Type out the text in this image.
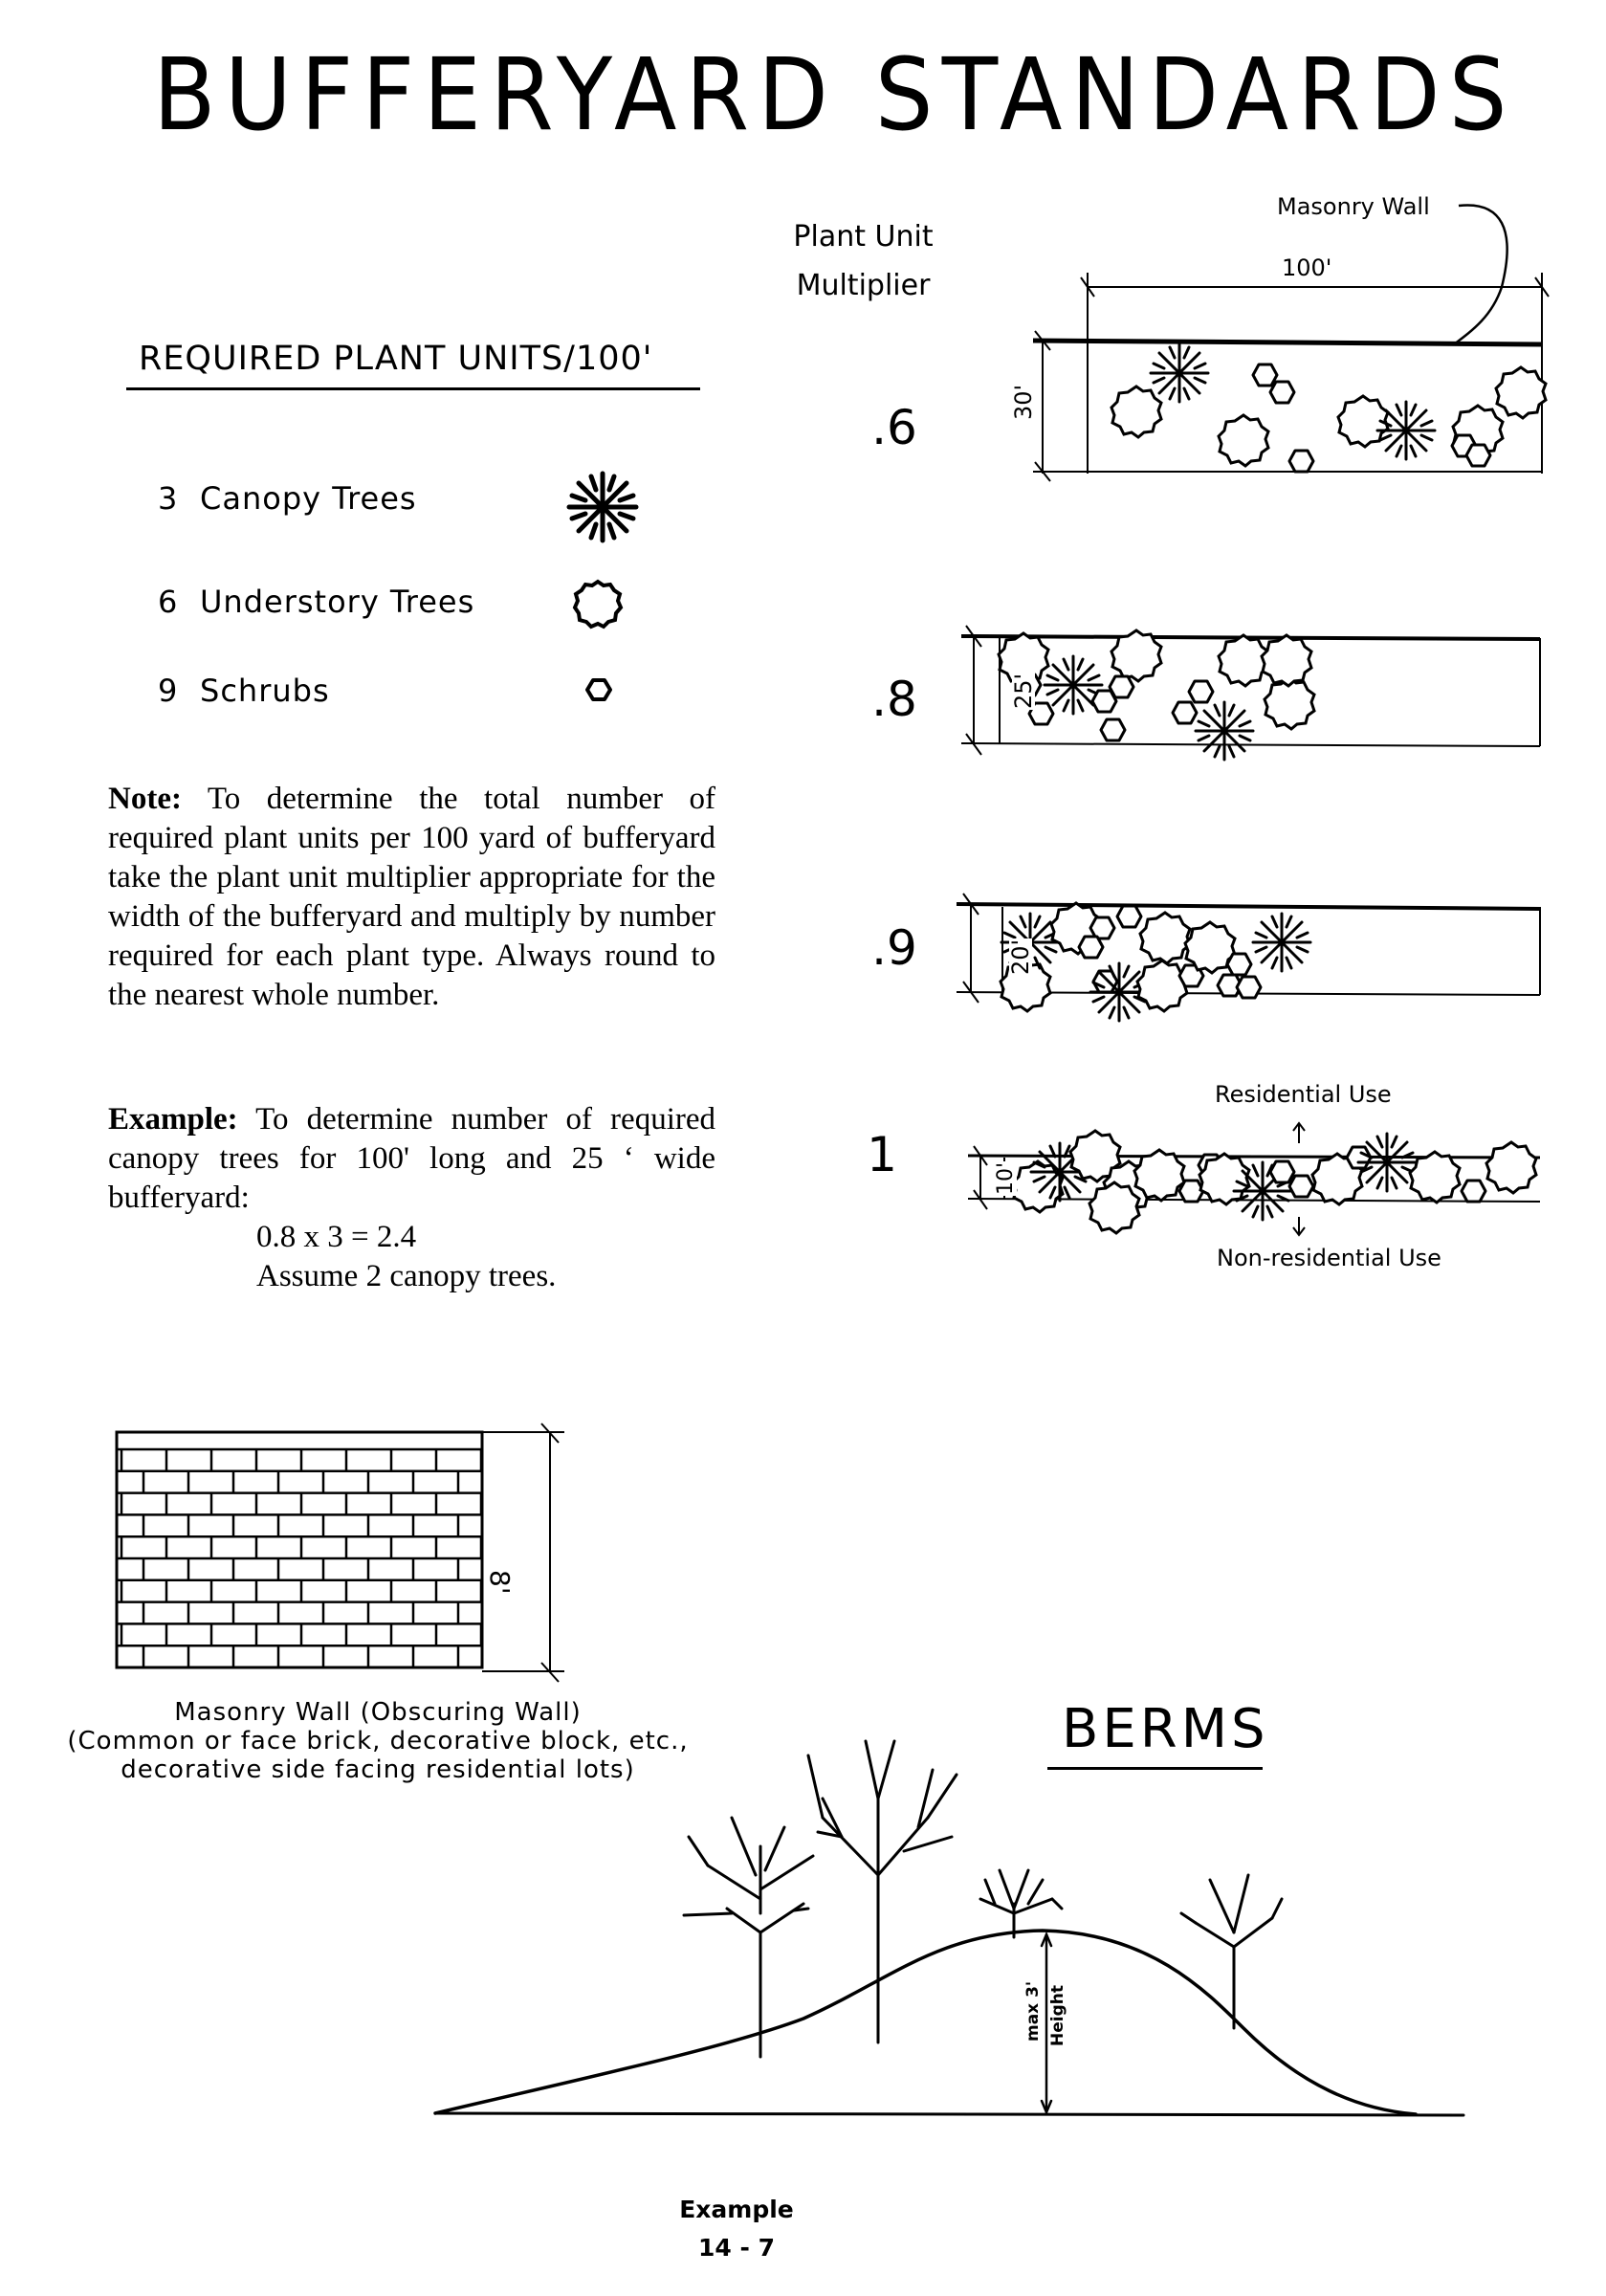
BUFFERYARD STANDARDS
Plant Unit
Multiplier
REQUIRED PLANT UNITS/100'
3 Canopy Trees
6 Understory Trees
9 Schrubs
Note: To determine the total number of required plant units per 100 yard of bufferyard take the plant unit multiplier appropriate for the width of the bufferyard and multiply by number required for each plant type. Always round to the nearest whole number.
Example: To determine number of required canopy trees for 100' long and 25 ‘ wide bufferyard:
0.8 x 3 = 2.4
Assume 2 canopy trees.
.6
.8
.9
1
Masonry Wall
100'
Residential Use
Non-residential Use
30'
25'
20'
10'
8'
Masonry Wall (Obscuring Wall)
(Common or face brick, decorative block, etc.,
decorative side facing residential lots)
BERMS
max 3' Height
Example
14 - 7
